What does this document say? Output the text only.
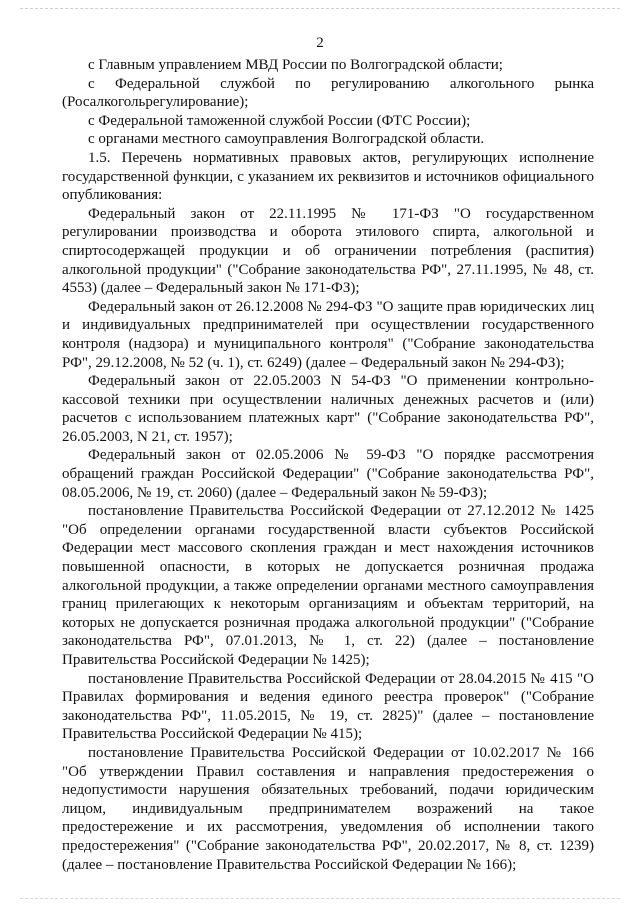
2

с Главным управлением МВД России по Волгоградской области;

с Федеральной службой по регулированию алкогольного рынка (Росалкогольрегулирование);

с Федеральной таможенной службой России (ФТС России);

с органами местного самоуправления Волгоградской области.

1.5. Перечень нормативных правовых актов, регулирующих исполнение государственной функции, с указанием их реквизитов и источников официального опубликования:

Федеральный закон от 22.11.1995 № 171-ФЗ "О государственном регулировании производства и оборота этилового спирта, алкогольной и спиртосодержащей продукции и об ограничении потребления (распития) алкогольной продукции" ("Собрание законодательства РФ", 27.11.1995, № 48, ст. 4553) (далее – Федеральный закон № 171-ФЗ);

Федеральный закон от 26.12.2008 № 294-ФЗ "О защите прав юридических лиц и индивидуальных предпринимателей при осуществлении государственного контроля (надзора) и муниципального контроля" ("Собрание законодательства РФ", 29.12.2008, № 52 (ч. 1), ст. 6249) (далее – Федеральный закон № 294-ФЗ);

Федеральный закон от 22.05.2003 N 54-ФЗ "О применении контрольно-кассовой техники при осуществлении наличных денежных расчетов и (или) расчетов с использованием платежных карт" ("Собрание законодательства РФ", 26.05.2003, N 21, ст. 1957);

Федеральный закон от 02.05.2006 № 59-ФЗ "О порядке рассмотрения обращений граждан Российской Федерации" ("Собрание законодательства РФ", 08.05.2006, № 19, ст. 2060) (далее – Федеральный закон № 59-ФЗ);

постановление Правительства Российской Федерации от 27.12.2012 № 1425 "Об определении органами государственной власти субъектов Российской Федерации мест массового скопления граждан и мест нахождения источников повышенной опасности, в которых не допускается розничная продажа алкогольной продукции, а также определении органами местного самоуправления границ прилегающих к некоторым организациям и объектам территорий, на которых не допускается розничная продажа алкогольной продукции" ("Собрание законодательства РФ", 07.01.2013, № 1, ст. 22) (далее – постановление Правительства Российской Федерации № 1425);

постановление Правительства Российской Федерации от 28.04.2015 № 415 "О Правилах формирования и ведения единого реестра проверок" ("Собрание законодательства РФ", 11.05.2015, № 19, ст. 2825)" (далее – постановление Правительства Российской Федерации № 415);

постановление Правительства Российской Федерации от 10.02.2017 № 166 "Об утверждении Правил составления и направления предостережения о недопустимости нарушения обязательных требований, подачи юридическим лицом, индивидуальным предпринимателем возражений на такое предостережение и их рассмотрения, уведомления об исполнении такого предостережения" ("Собрание законодательства РФ", 20.02.2017, № 8, ст. 1239) (далее – постановление Правительства Российской Федерации № 166);
